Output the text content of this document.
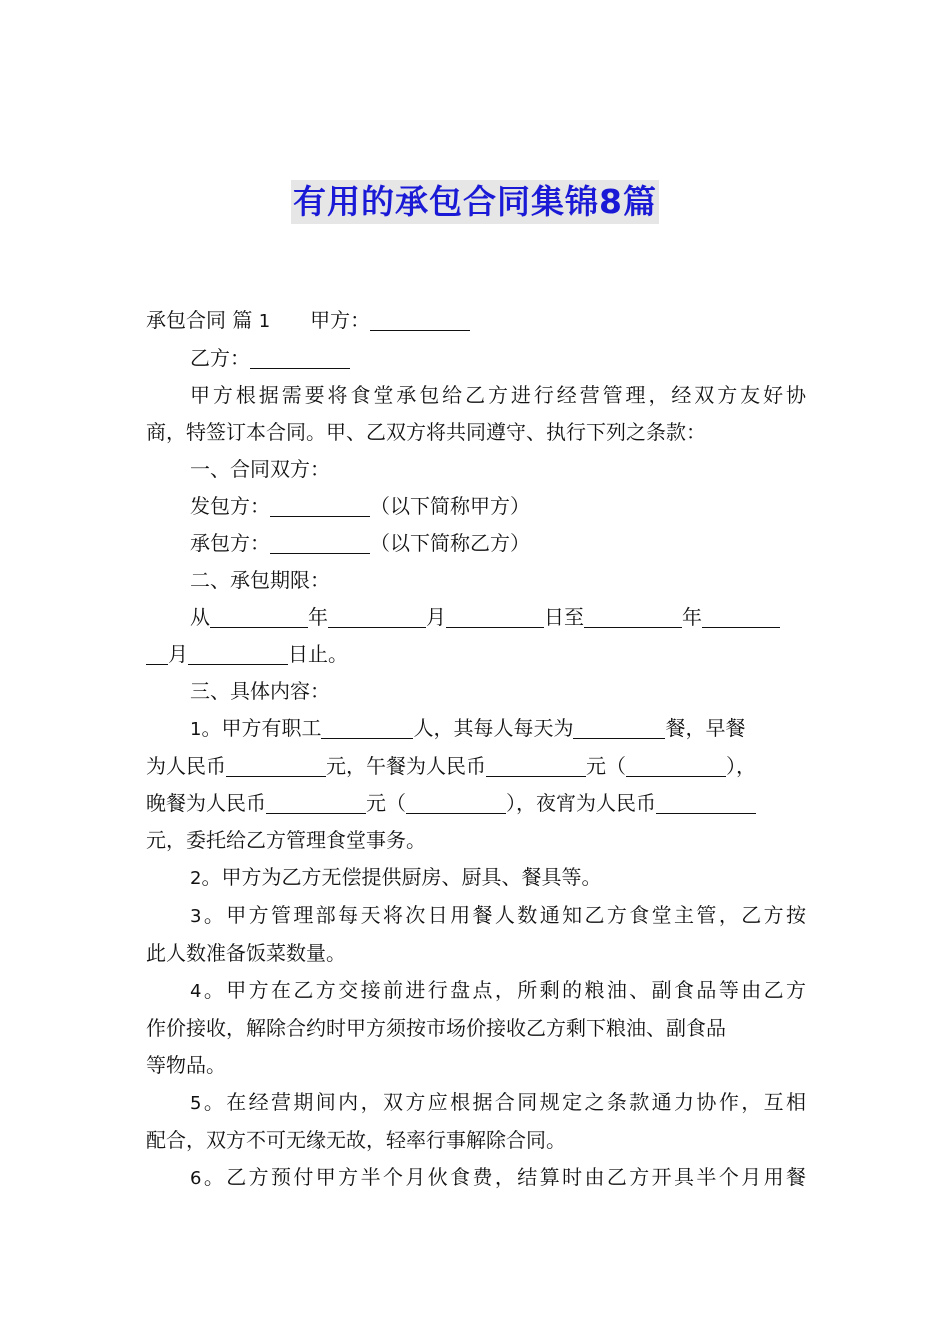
有用的承包合同集锦8篇

承包合同 篇 1 甲方：

乙方：

甲方根据需要将食堂承包给乙方进行经营管理，经双方友好协

商，特签订本合同。甲、乙双方将共同遵守、执行下列之条款：

一、合同双方：

发包方：	（以下简称甲方）

承包方：	（以下简称乙方）

二、承包期限：

从	年	月	日至	年

月	日止。

三、具体内容：

1。甲方有职工	人，其每人每天为	餐，早餐

为人民币	元，午餐为人民币	元（	），

晚餐为人民币	元（	），夜宵为人民币

元，委托给乙方管理食堂事务。

2。甲方为乙方无偿提供厨房、厨具、餐具等。

3。甲方管理部每天将次日用餐人数通知乙方食堂主管，乙方按

此人数准备饭菜数量。

4。甲方在乙方交接前进行盘点，所剩的粮油、副食品等由乙方

作价接收，解除合约时甲方须按市场价接收乙方剩下粮油、副食品

等物品。

5。在经营期间内，双方应根据合同规定之条款通力协作，互相

配合，双方不可无缘无故，轻率行事解除合同。

6。乙方预付甲方半个月伙食费，结算时由乙方开具半个月用餐
